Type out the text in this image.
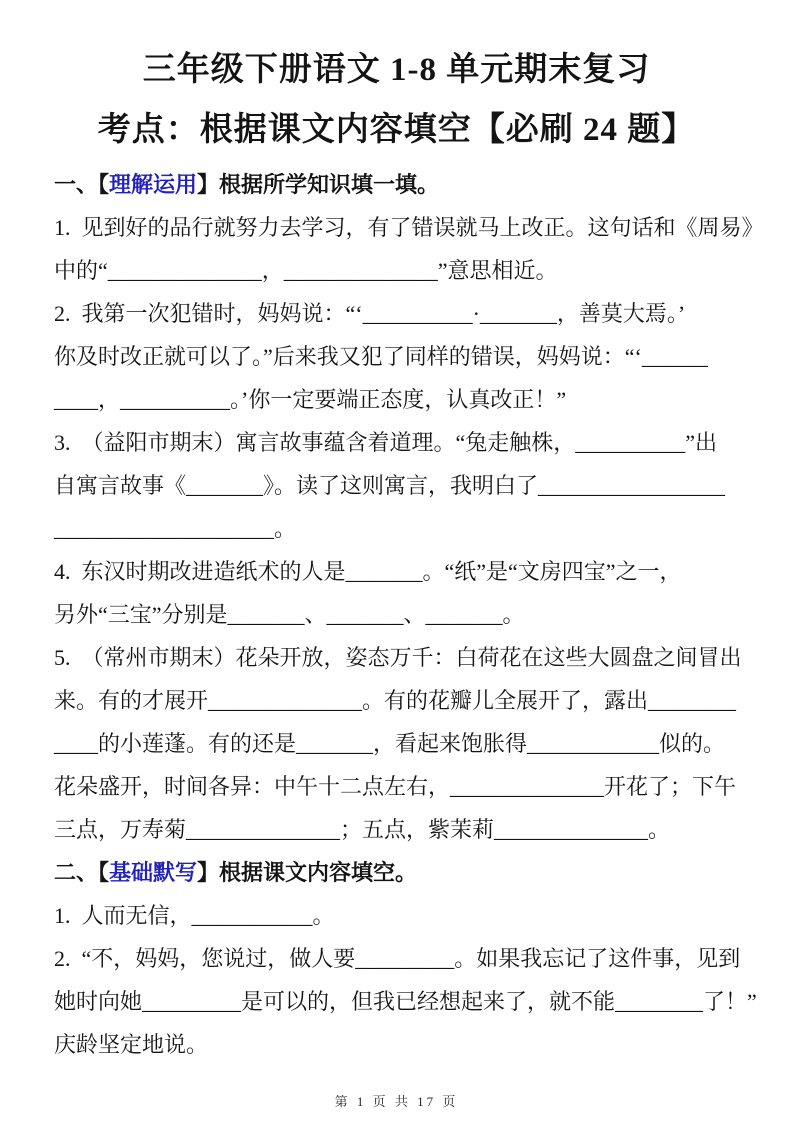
三年级下册语文 1-8 单元期末复习
考点：根据课文内容填空【必刷 24 题】
一、【理解运用】根据所学知识填一填。
1.  见到好的品行就努力去学习，有了错误就马上改正。这句话和《周易》
中的“______________，______________”意思相近。
2.  我第一次犯错时，妈妈说：“‘__________·_______，善莫大焉。’
你及时改正就可以了。”后来我又犯了同样的错误，妈妈说：“‘______
____，__________。’你一定要端正态度，认真改正！”
3.  （益阳市期末）寓言故事蕴含着道理。“兔走触株，__________”出
自寓言故事《_______》。读了这则寓言，我明白了_________________
____________________。
4.  东汉时期改进造纸术的人是_______。“纸”是“文房四宝”之一，
另外“三宝”分别是_______、_______、_______。
5.  （常州市期末）花朵开放，姿态万千：白荷花在这些大圆盘之间冒出
来。有的才展开______________。有的花瓣儿全展开了，露出________
____的小莲蓬。有的还是_______，看起来饱胀得____________似的。
花朵盛开，时间各异：中午十二点左右，______________开花了；下午
三点，万寿菊______________；五点，紫茉莉______________。
二、【基础默写】根据课文内容填空。
1.  人而无信，___________。
2.  “不，妈妈，您说过，做人要_________。如果我忘记了这件事，见到
她时向她_________是可以的，但我已经想起来了，就不能________了！”
庆龄坚定地说。
第 1 页 共 17 页
